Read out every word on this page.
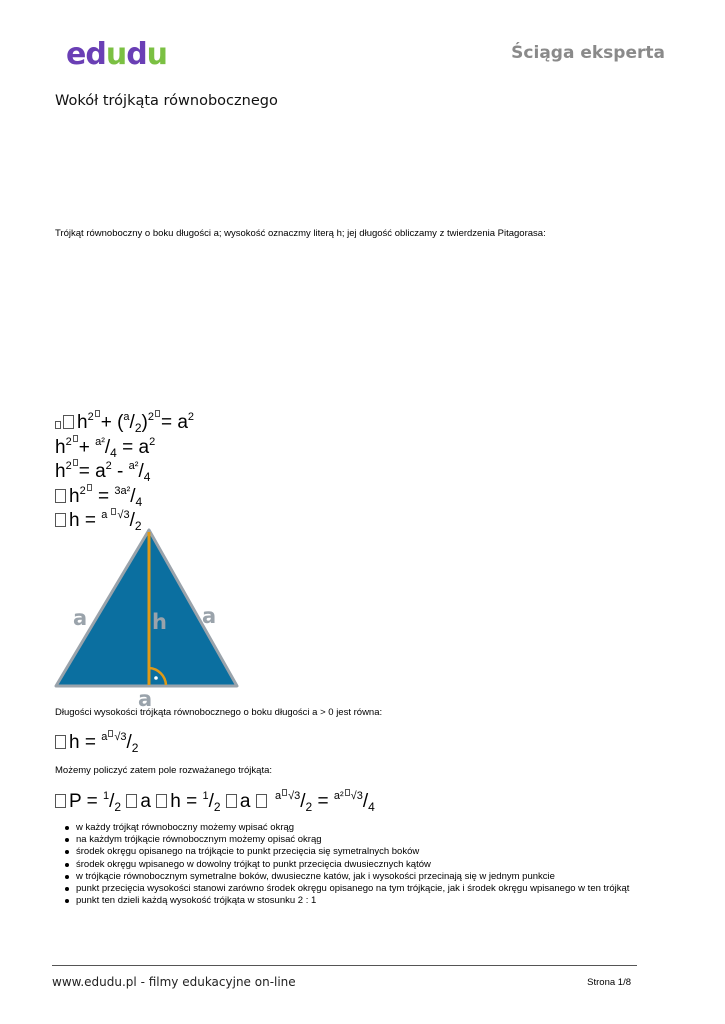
edudu	Ściąga eksperta
Wokół trójkąta równobocznego
Trójkąt równoboczny o boku długości a; wysokość oznaczmy literą h; jej długość obliczamy z twierdzenia Pitagorasa:
$h^2 + (^a/_2)^2 = a^2$
$h^2 + ^{a^2}/_4 = a^2$
$h^2 = a^2 - ^{a^2}/_4$
$h^2 = ^{3a^2}/_4$
$h = ^{a √3}/_2$
a	h a
a
Długości wysokości trójkąta równobocznego o boku długości a > 0 jest równa:
$h = ^{a √3}/_2$
Możemy policzyć zatem pole rozważanego trójkąta:
$P = ^1/_2$ a $h = ^1/_2$ a  $^{a √3}/_2 = ^{a^2 √3}/_4$
w każdy trójkąt równoboczny możemy wpisać okrąg
na każdym trójkącie równobocznym możemy opisać okrąg
środek okręgu opisanego na trójkącie to punkt przecięcia się symetralnych boków
środek okręgu wpisanego w dowolny trójkąt to punkt przecięcia dwusiecznych kątów
w trójkącie równobocznym symetralne boków, dwusieczne katów, jak i wysokości przecinają się w jednym punkcie
punkt przecięcia wysokości stanowi zarówno środek okręgu opisanego na tym trójkącie, jak i środek okręgu wpisanego w ten trójkąt
punkt ten dzieli każdą wysokość trójkąta w stosunku 2 : 1
www.edudu.pl - filmy edukacyjne on-line	Strona 1/8
